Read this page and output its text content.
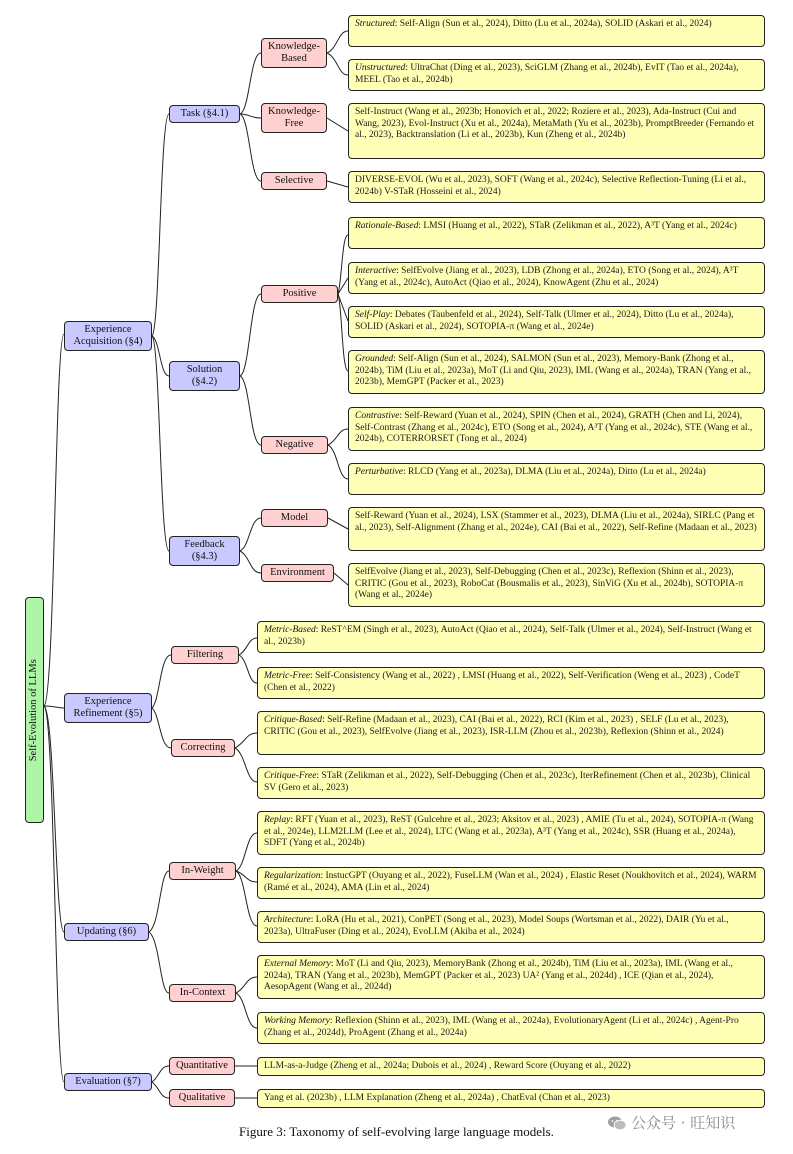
Self-Evolution of LLMs
Experience Acquisition (§4)
Experience Refinement (§5)
Updating (§6)
Evaluation (§7)
Task (§4.1)
Solution (§4.2)
Feedback (§4.3)
Knowledge-Based
Knowledge-Free
Selective
Positive
Negative
Model
Environment
Filtering
Correcting
In-Weight
In-Context
Quantitative
Qualitative
Structured: Self-Align (Sun et al., 2024), Ditto (Lu et al., 2024a), SOLID (Askari et al., 2024)
Unstructured: UltraChat (Ding et al., 2023), SciGLM (Zhang et al., 2024b), EvIT (Tao et al., 2024a), MEEL (Tao et al., 2024b)
Self-Instruct (Wang et al., 2023b; Honovich et al., 2022; Roziere et al., 2023), Ada-Instruct (Cui and Wang, 2023), Evol-Instruct (Xu et al., 2024a), MetaMath (Yu et al., 2023b), PromptBreeder (Fernando et al., 2023), Backtranslation (Li et al., 2023b), Kun (Zheng et al., 2024b)
DIVERSE-EVOL (Wu et al., 2023), SOFT (Wang et al., 2024c), Selective Reflection-Tuning (Li et al., 2024b) V-STaR (Hosseini et al., 2024)
Rationale-Based: LMSI (Huang et al., 2022), STaR (Zelikman et al., 2022), A³T (Yang et al., 2024c)
Interactive: SelfEvolve (Jiang et al., 2023), LDB (Zhong et al., 2024a), ETO (Song et al., 2024), A³T (Yang et al., 2024c), AutoAct (Qiao et al., 2024), KnowAgent (Zhu et al., 2024)
Self-Play: Debates (Taubenfeld et al., 2024), Self-Talk (Ulmer et al., 2024), Ditto (Lu et al., 2024a), SOLID (Askari et al., 2024), SOTOPIA-π (Wang et al., 2024e)
Grounded: Self-Align (Sun et al., 2024), SALMON (Sun et al., 2023), Memory-Bank (Zhong et al., 2024b), TiM (Liu et al., 2023a), MoT (Li and Qiu, 2023), IML (Wang et al., 2024a), TRAN (Yang et al., 2023b), MemGPT (Packer et al., 2023)
Contrastive: Self-Reward (Yuan et al., 2024), SPIN (Chen et al., 2024), GRATH (Chen and Li, 2024), Self-Contrast (Zhang et al., 2024c), ETO (Song et al., 2024), A³T (Yang et al., 2024c), STE (Wang et al., 2024b), COTERRORSET (Tong et al., 2024)
Perturbative: RLCD (Yang et al., 2023a), DLMA (Liu et al., 2024a), Ditto (Lu et al., 2024a)
Self-Reward (Yuan et al., 2024), LSX (Stammer et al., 2023), DLMA (Liu et al., 2024a), SIRLC (Pang et al., 2023), Self-Alignment (Zhang et al., 2024e), CAI (Bai et al., 2022), Self-Refine (Madaan et al., 2023)
SelfEvolve (Jiang et al., 2023), Self-Debugging (Chen et al., 2023c), Reflexion (Shinn et al., 2023), CRITIC (Gou et al., 2023), RoboCat (Bousmalis et al., 2023), SinViG (Xu et al., 2024b), SOTOPIA-π (Wang et al., 2024e)
Metric-Based: ReST^EM (Singh et al., 2023), AutoAct (Qiao et al., 2024), Self-Talk (Ulmer et al., 2024), Self-Instruct (Wang et al., 2023b)
Metric-Free: Self-Consistency (Wang et al., 2022) , LMSI (Huang et al., 2022), Self-Verification (Weng et al., 2023) , CodeT (Chen et al., 2022)
Critique-Based: Self-Refine (Madaan et al., 2023), CAI (Bai et al., 2022), RCI (Kim et al., 2023) , SELF (Lu et al., 2023), CRITIC (Gou et al., 2023), SelfEvolve (Jiang et al., 2023), ISR-LLM (Zhou et al., 2023b), Reflexion (Shinn et al., 2024)
Critique-Free: STaR (Zelikman et al., 2022), Self-Debugging (Chen et al., 2023c), IterRefinement (Chen et al., 2023b), Clinical SV (Gero et al., 2023)
Replay: RFT (Yuan et al., 2023), ReST (Gulcehre et al., 2023; Aksitov et al., 2023) , AMIE (Tu et al., 2024), SOTOPIA-π (Wang et al., 2024e), LLM2LLM (Lee et al., 2024), LTC (Wang et al., 2023a), A³T (Yang et al., 2024c), SSR (Huang et al., 2024a), SDFT (Yang et al., 2024b)
Regularization: InstucGPT (Ouyang et al., 2022), FuseLLM (Wan et al., 2024) , Elastic Reset (Noukhovitch et al., 2024), WARM (Ramé et al., 2024), AMA (Lin et al., 2024)
Architecture: LoRA (Hu et al., 2021), ConPET (Song et al., 2023), Model Soups (Wortsman et al., 2022), DAIR (Yu et al., 2023a), UltraFuser (Ding et al., 2024), EvoLLM (Akiba et al., 2024)
External Memory: MoT (Li and Qiu, 2023), MemoryBank (Zhong et al., 2024b), TiM (Liu et al., 2023a), IML (Wang et al., 2024a), TRAN (Yang et al., 2023b), MemGPT (Packer et al., 2023) UA² (Yang et al., 2024d) , ICE (Qian et al., 2024), AesopAgent (Wang et al., 2024d)
Working Memory: Reflexion (Shinn et al., 2023), IML (Wang et al., 2024a), EvolutionaryAgent (Li et al., 2024c) , Agent-Pro (Zhang et al., 2024d), ProAgent (Zhang et al., 2024a)
LLM-as-a-Judge (Zheng et al., 2024a; Dubois et al., 2024) , Reward Score (Ouyang et al., 2022)
Yang et al. (2023b) , LLM Explanation (Zheng et al., 2024a) , ChatEval (Chan et al., 2023)
Figure 3: Taxonomy of self-evolving large language models.	公众号 · 旺知识
